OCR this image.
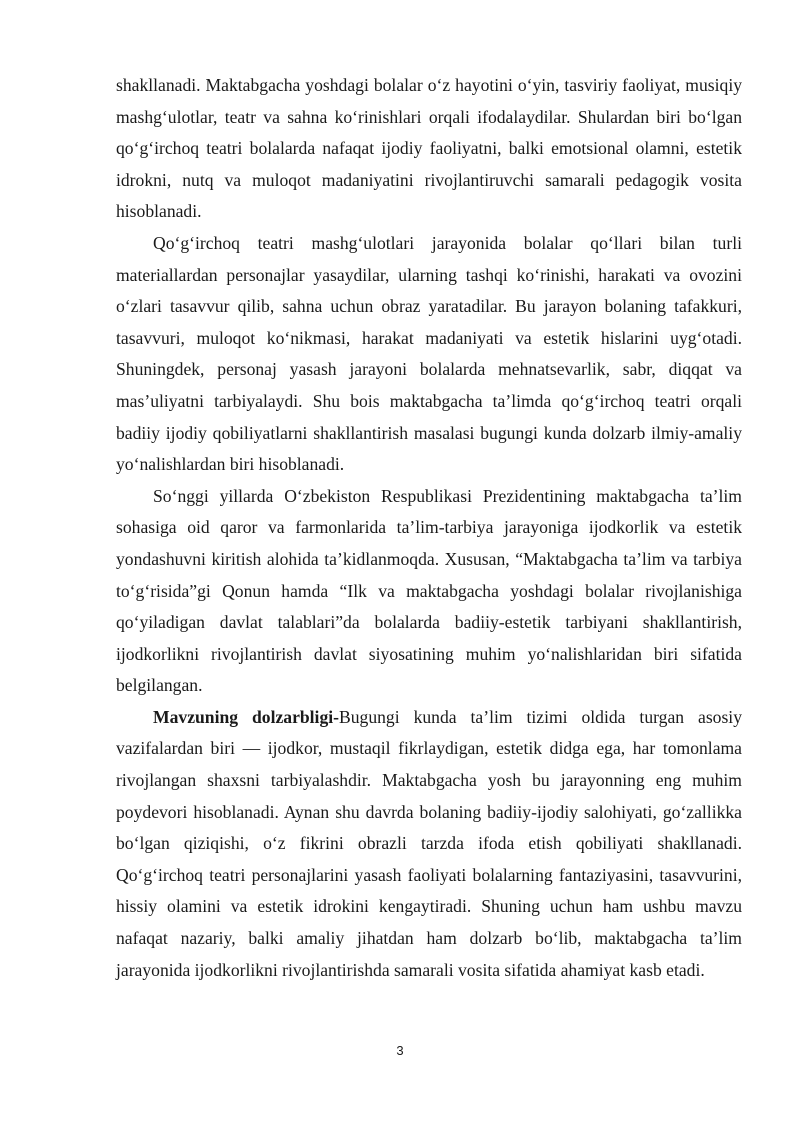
shakllanadi. Maktabgacha yoshdagi bolalar o‘z hayotini o‘yin, tasviriy faoliyat, musiqiy mashg‘ulotlar, teatr va sahna ko‘rinishlari orqali ifodalaydilar. Shulardan biri bo‘lgan qo‘g‘irchoq teatri bolalarda nafaqat ijodiy faoliyatni, balki emotsional olamni, estetik idrokni, nutq va muloqot madaniyatini rivojlantiruvchi samarali pedagogik vosita hisoblanadi.

Qo‘g‘irchoq teatri mashg‘ulotlari jarayonida bolalar qo‘llari bilan turli materiallardan personajlar yasaydilar, ularning tashqi ko‘rinishi, harakati va ovozini o‘zlari tasavvur qilib, sahna uchun obraz yaratadilar. Bu jarayon bolaning tafakkuri, tasavvuri, muloqot ko‘nikmasi, harakat madaniyati va estetik hislarini uyg‘otadi. Shuningdek, personaj yasash jarayoni bolalarda mehnatsevarlik, sabr, diqqat va mas’uliyatni tarbiyalaydi. Shu bois maktabgacha ta’limda qo‘g‘irchoq teatri orqali badiiy ijodiy qobiliyatlarni shakllantirish masalasi bugungi kunda dolzarb ilmiy-amaliy yo‘nalishlardan biri hisoblanadi.

So‘nggi yillarda O‘zbekiston Respublikasi Prezidentining maktabgacha ta’lim sohasiga oid qaror va farmonlarida ta’lim-tarbiya jarayoniga ijodkorlik va estetik yondashuvni kiritish alohida ta’kidlanmoqda. Xususan, “Maktabgacha ta’lim va tarbiya to‘g‘risida”gi Qonun hamda “Ilk va maktabgacha yoshdagi bolalar rivojlanishiga qo‘yiladigan davlat talablari”da bolalarda badiiy-estetik tarbiyani shakllantirish, ijodkorlikni rivojlantirish davlat siyosatining muhim yo‘nalishlaridan biri sifatida belgilangan.

Mavzuning dolzarbligi-Bugungi kunda ta’lim tizimi oldida turgan asosiy vazifalardan biri — ijodkor, mustaqil fikrlaydigan, estetik didga ega, har tomonlama rivojlangan shaxsni tarbiyalashdir. Maktabgacha yosh bu jarayonning eng muhim poydevori hisoblanadi. Aynan shu davrda bolaning badiiy-ijodiy salohiyati, go‘zallikka bo‘lgan qiziqishi, o‘z fikrini obrazli tarzda ifoda etish qobiliyati shakllanadi. Qo‘g‘irchoq teatri personajlarini yasash faoliyati bolalarning fantaziyasini, tasavvurini, hissiy olamini va estetik idrokini kengaytiradi. Shuning uchun ham ushbu mavzu nafaqat nazariy, balki amaliy jihatdan ham dolzarb bo‘lib, maktabgacha ta’lim jarayonida ijodkorlikni rivojlantirishda samarali vosita sifatida ahamiyat kasb etadi.

3
